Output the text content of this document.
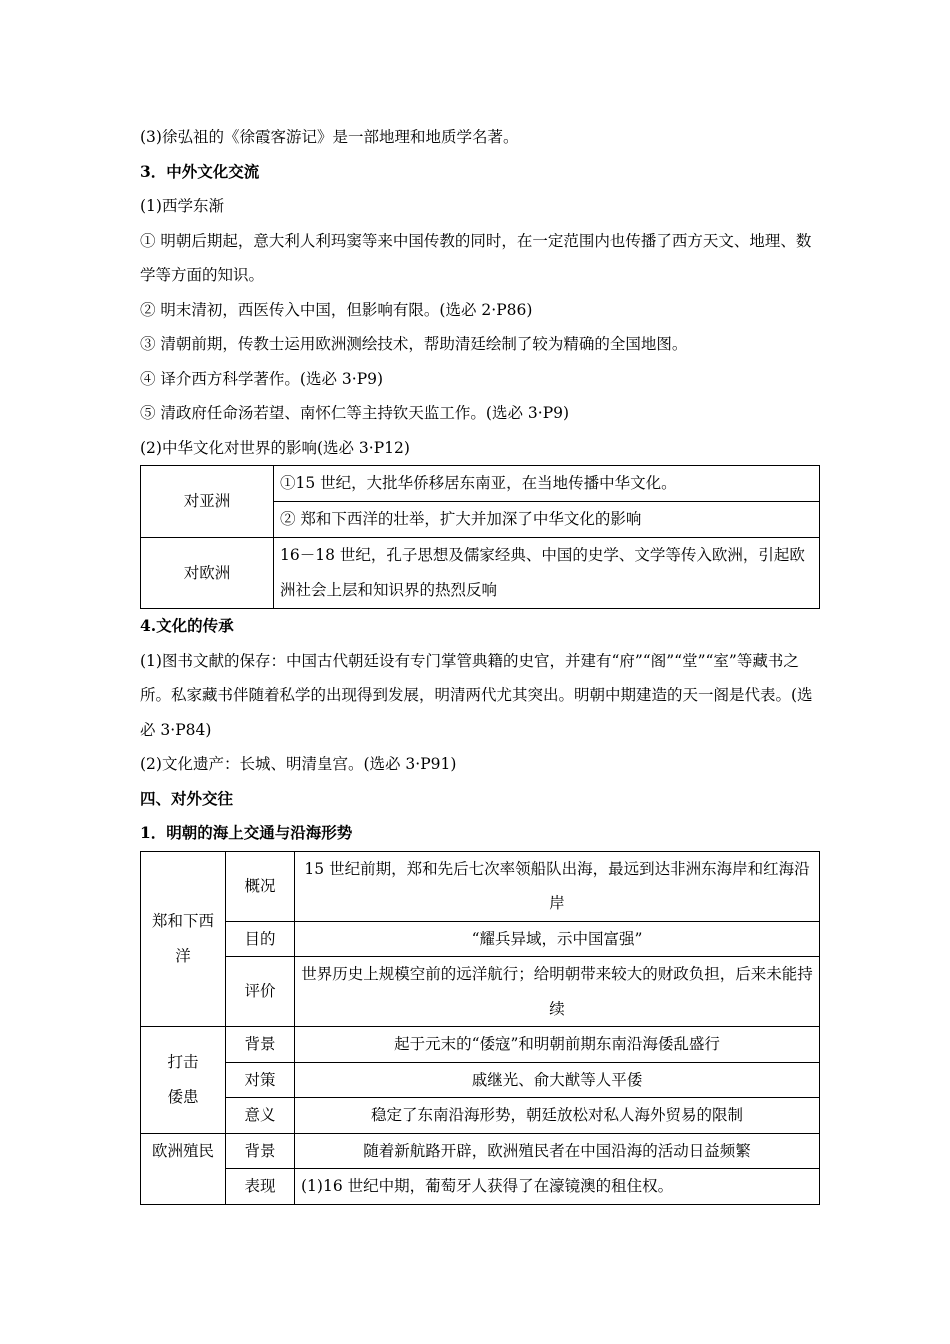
(3)徐弘祖的《徐霞客游记》是一部地理和地质学名著。

3．中外文化交流

(1)西学东渐

① 明朝后期起，意大利人利玛窦等来中国传教的同时，在一定范围内也传播了西方天文、地理、数学等方面的知识。

② 明末清初，西医传入中国，但影响有限。(选必 2·P86)

③ 清朝前期，传教士运用欧洲测绘技术，帮助清廷绘制了较为精确的全国地图。

④ 译介西方科学著作。(选必 3·P9)

⑤ 清政府任命汤若望、南怀仁等主持钦天监工作。(选必 3·P9)

(2)中华文化对世界的影响(选必 3·P12)

对亚洲	①15 世纪，大批华侨移居东南亚，在当地传播中华文化。
	② 郑和下西洋的壮举，扩大并加深了中华文化的影响
对欧洲	16－18 世纪，孔子思想及儒家经典、中国的史学、文学等传入欧洲，引起欧洲社会上层和知识界的热烈反响

4.文化的传承

(1)图书文献的保存：中国古代朝廷设有专门掌管典籍的史官，并建有“府”“阁”“堂”“室”等藏书之所。私家藏书伴随着私学的出现得到发展，明清两代尤其突出。明朝中期建造的天一阁是代表。(选必 3·P84)

(2)文化遗产：长城、明清皇宫。(选必 3·P91)

四、对外交往

1．明朝的海上交通与沿海形势

郑和下西洋	概况	15 世纪前期，郑和先后七次率领船队出海，最远到达非洲东海岸和红海沿岸
	目的	“耀兵异域，示中国富强”
	评价	世界历史上规模空前的远洋航行；给明朝带来较大的财政负担，后来未能持续
打击倭患	背景	起于元末的“倭寇”和明朝前期东南沿海倭乱盛行
	对策	戚继光、俞大猷等人平倭
	意义	稳定了东南沿海形势，朝廷放松对私人海外贸易的限制
欧洲殖民	背景	随着新航路开辟，欧洲殖民者在中国沿海的活动日益频繁
	表现	(1)16 世纪中期，葡萄牙人获得了在濠镜澳的租住权。
